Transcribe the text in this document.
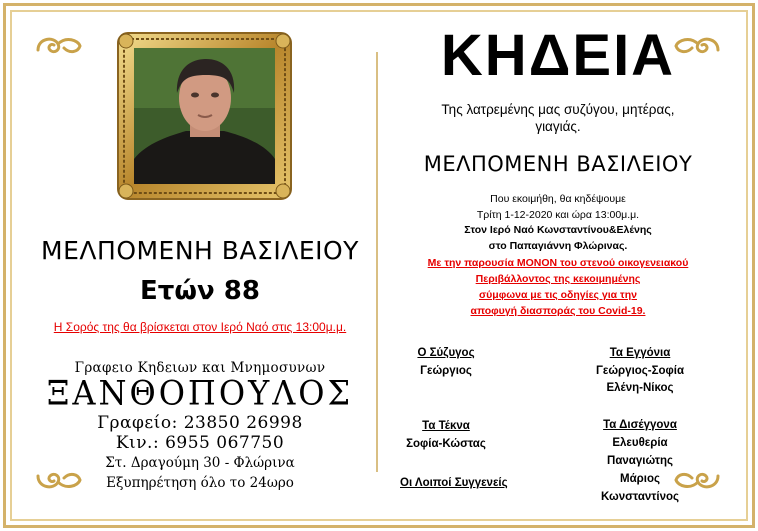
ΜΕΛΠΟΜΕΝΗ ΒΑΣΙΛΕΙΟΥ
Ετών 88
Η Σορός της θα βρίσκεται στον Ιερό Ναό στις 13:00μ.μ.
Γραφειο Κηδειων και Μνημοσυνων
ΞΑΝΘΟΠΟΥΛΟΣ
Γραφείο: 23850 26998
Κιν.: 6955 067750
Στ. Δραγούμη 30 - Φλώρινα
Εξυπηρέτηση όλο το 24ωρο
ΚΗΔΕΙΑ
Της λατρεμένης μας συζύγου, μητέρας,
γιαγιάς.
ΜΕΛΠΟΜΕΝΗ ΒΑΣΙΛΕΙΟΥ
Που εκοιμήθη, θα κηδέψουμε
Τρίτη 1-12-2020 και ώρα 13:00μ.μ.
Στον Ιερό Ναό Κωνσταντίνου&Ελένης
στο Παπαγιάννη Φλώρινας.
Με την παρουσία ΜΟΝΟΝ του στενού οικογενειακού
Περιβάλλοντος της κεκοιμημένης
σύμφωνα με τις οδηγίες για την
αποφυγή διασποράς του Covid-19.
Ο Σύζυγος
Γεώργιος
Τα Εγγόνια
Γεώργιος-Σοφία
Ελένη-Νίκος
Τα Τέκνα
Σοφία-Κώστας
Τα Δισέγγονα
Ελευθερία
Παναγιώτης
Μάριος
Κωνσταντίνος
Οι Λοιποί Συγγενείς
